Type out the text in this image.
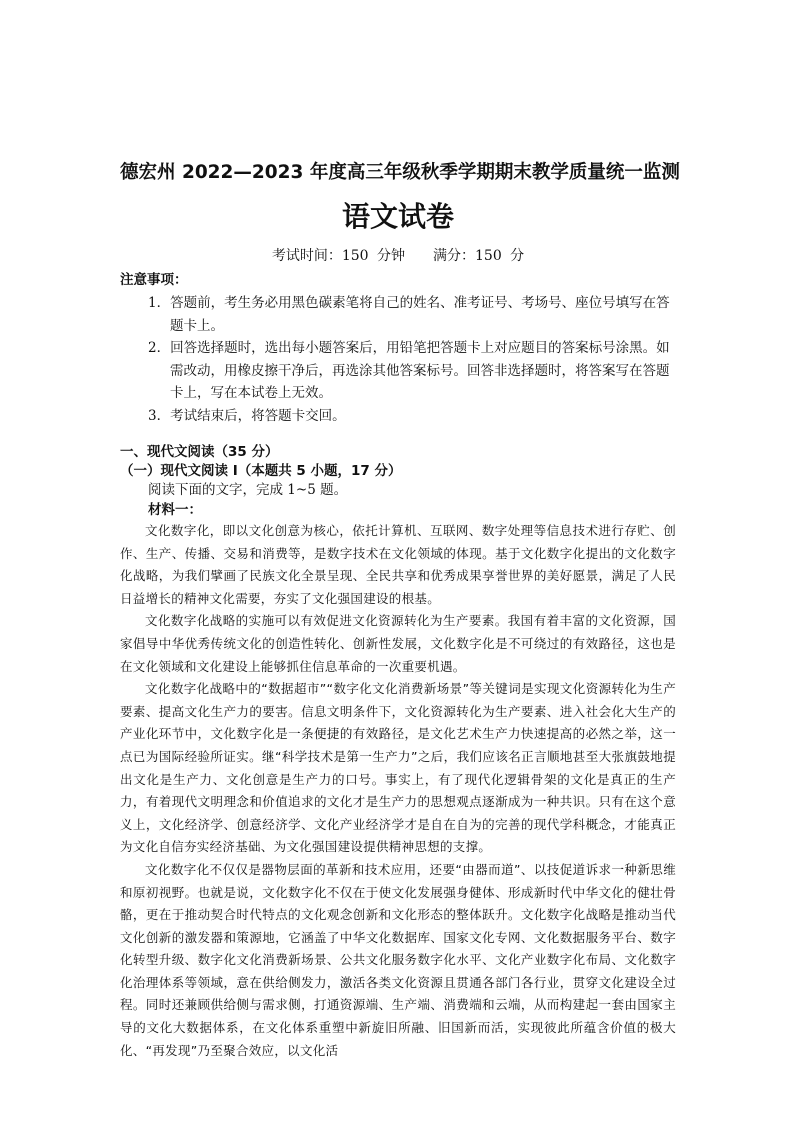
德宏州 2022—2023 年度高三年级秋季学期期末教学质量统一监测
语文试卷

考试时间：150 分钟 满分：150 分

注意事项：

1．答题前，考生务必用黑色碳素笔将自己的姓名、准考证号、考场号、座位号填写在答题卡上。
2．回答选择题时，选出每小题答案后，用铅笔把答题卡上对应题目的答案标号涂黑。如需改动，用橡皮擦干净后，再选涂其他答案标号。回答非选择题时，将答案写在答题卡上，写在本试卷上无效。
3．考试结束后，将答题卡交回。

一、现代文阅读（35 分）

（一）现代文阅读 I（本题共 5 小题，17 分）

阅读下面的文字，完成 1~5 题。

材料一：

文化数字化，即以文化创意为核心，依托计算机、互联网、数字处理等信息技术进行存贮、创作、生产、传播、交易和消费等，是数字技术在文化领域的体现。基于文化数字化提出的文化数字化战略，为我们擘画了民族文化全景呈现、全民共享和优秀成果享誉世界的美好愿景，满足了人民日益增长的精神文化需要，夯实了文化强国建设的根基。

文化数字化战略的实施可以有效促进文化资源转化为生产要素。我国有着丰富的文化资源，国家倡导中华优秀传统文化的创造性转化、创新性发展，文化数字化是不可绕过的有效路径，这也是在文化领域和文化建设上能够抓住信息革命的一次重要机遇。

文化数字化战略中的“数据超市”“数字化文化消费新场景”等关键词是实现文化资源转化为生产要素、提高文化生产力的要害。信息文明条件下，文化资源转化为生产要素、进入社会化大生产的产业化环节中，文化数字化是一条便捷的有效路径，是文化艺术生产力快速提高的必然之举，这一点已为国际经验所证实。继“科学技术是第一生产力”之后，我们应该名正言顺地甚至大张旗鼓地提出文化是生产力、文化创意是生产力的口号。事实上，有了现代化逻辑骨架的文化是真正的生产力，有着现代文明理念和价值追求的文化才是生产力的思想观点逐渐成为一种共识。只有在这个意义上，文化经济学、创意经济学、文化产业经济学才是自在自为的完善的现代学科概念，才能真正为文化自信夯实经济基础、为文化强国建设提供精神思想的支撑。

文化数字化不仅仅是器物层面的革新和技术应用，还要“由器而道”、以技促道诉求一种新思维和原初视野。也就是说，文化数字化不仅在于使文化发展强身健体、形成新时代中华文化的健壮骨骼，更在于推动契合时代特点的文化观念创新和文化形态的整体跃升。文化数字化战略是推动当代文化创新的激发器和策源地，它涵盖了中华文化数据库、国家文化专网、文化数据服务平台、数字化转型升级、数字化文化消费新场景、公共文化服务数字化水平、文化产业数字化布局、文化数字化治理体系等领域，意在供给侧发力，激活各类文化资源且贯通各部门各行业，贯穿文化建设全过程。同时还兼顾供给侧与需求侧，打通资源端、生产端、消费端和云端，从而构建起一套由国家主导的文化大数据体系，在文化体系重塑中新旋旧所融、旧国新而活，实现彼此所蕴含价值的极大化、“再发现”乃至聚合效应，以文化活
